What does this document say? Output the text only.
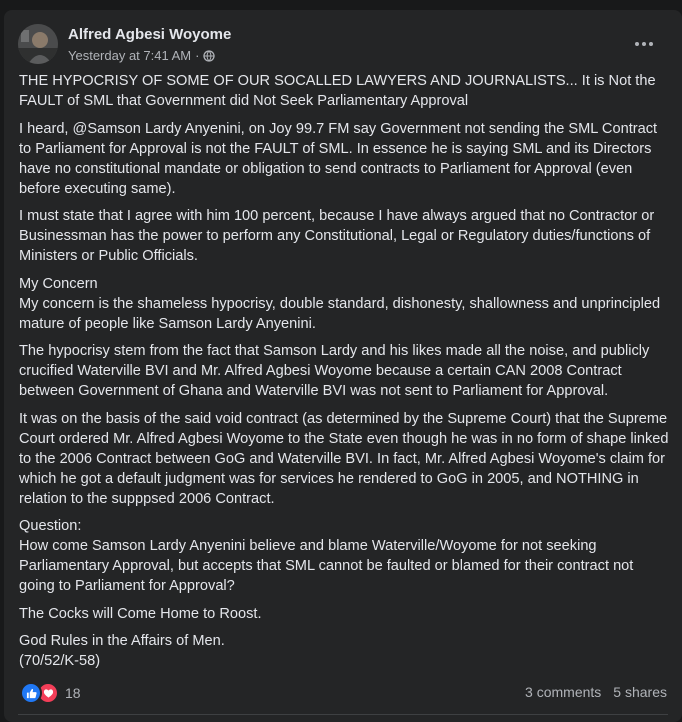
Alfred Agbesi Woyome
Yesterday at 7:41 AM ·

THE HYPOCRISY OF SOME OF OUR SOCALLED LAWYERS AND JOURNALISTS... It is Not the FAULT of SML that Government did Not Seek Parliamentary Approval

I heard, @Samson Lardy Anyenini, on Joy 99.7 FM say Government not sending the SML Contract to Parliament for Approval is not the FAULT of SML. In essence he is saying SML and its Directors have no constitutional mandate or obligation to send contracts to Parliament for Approval (even before executing same).

I must state that I agree with him 100 percent, because I have always argued that no Contractor or Businessman has the power to perform any Constitutional, Legal or Regulatory duties/functions of Ministers or Public Officials.

My Concern
My concern is the shameless hypocrisy, double standard, dishonesty, shallowness and unprincipled mature of people like Samson Lardy Anyenini.

The hypocrisy stem from the fact that Samson Lardy and his likes made all the noise, and publicly crucified Waterville BVI and Mr. Alfred Agbesi Woyome because a certain CAN 2008 Contract between Government of Ghana and Waterville BVI was not sent to Parliament for Approval.

It was on the basis of the said void contract (as determined by the Supreme Court) that the Supreme Court ordered Mr. Alfred Agbesi Woyome to the State even though he was in no form of shape linked to the 2006 Contract between GoG and Waterville BVI. In fact, Mr. Alfred Agbesi Woyome's claim for which he got a default judgment was for services he rendered to GoG in 2005, and NOTHING in relation to the supppsed 2006 Contract.

Question:
How come Samson Lardy Anyenini believe and blame Waterville/Woyome for not seeking Parliamentary Approval, but accepts that SML cannot be faulted or blamed for their contract not going to Parliament for Approval?

The Cocks will Come Home to Roost.

God Rules in the Affairs of Men.
(70/52/K-58)

18	3 comments 5 shares
